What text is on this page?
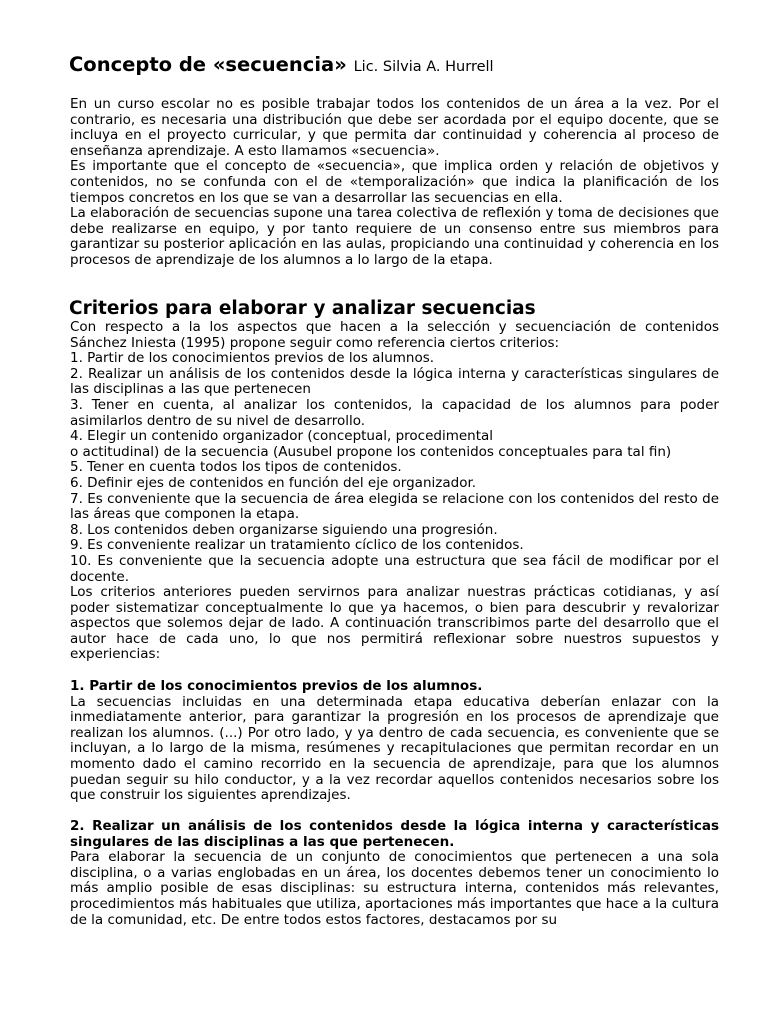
Concepto de «secuencia» Lic. Silvia A. Hurrell

En un curso escolar no es posible trabajar todos los contenidos de un área a la vez. Por el contrario, es necesaria una distribución que debe ser acordada por el equipo docente, que se incluya en el proyecto curricular, y que permita dar continuidad y coherencia al proceso de enseñanza aprendizaje. A esto llamamos «secuencia».

Es importante que el concepto de «secuencia», que implica orden y relación de objetivos y contenidos, no se confunda con el de «temporalización» que indica la planificación de los tiempos concretos en los que se van a desarrollar las secuencias en ella.

La elaboración de secuencias supone una tarea colectiva de reflexión y toma de decisiones que debe realizarse en equipo, y por tanto requiere de un consenso entre sus miembros para garantizar su posterior aplicación en las aulas, propiciando una continuidad y coherencia en los procesos de aprendizaje de los alumnos a lo largo de la etapa.

Criterios para elaborar y analizar secuencias

Con respecto a la los aspectos que hacen a la selección y secuenciación de contenidos Sánchez Iniesta (1995) propone seguir como referencia ciertos criterios:

1. Partir de los conocimientos previos de los alumnos.

2. Realizar un análisis de los contenidos desde la lógica interna y características singulares de las disciplinas a las que pertenecen

3. Tener en cuenta, al analizar los contenidos, la capacidad de los alumnos para poder asimilarlos dentro de su nivel de desarrollo.

4. Elegir un contenido organizador (conceptual, procedimental

o actitudinal) de la secuencia (Ausubel propone los contenidos conceptuales para tal fin)

5. Tener en cuenta todos los tipos de contenidos.

6. Definir ejes de contenidos en función del eje organizador.

7. Es conveniente que la secuencia de área elegida se relacione con los contenidos del resto de las áreas que componen la etapa.

8. Los contenidos deben organizarse siguiendo una progresión.

9. Es conveniente realizar un tratamiento cíclico de los contenidos.

10. Es conveniente que la secuencia adopte una estructura que sea fácil de modificar por el docente.

Los criterios anteriores pueden servirnos para analizar nuestras prácticas cotidianas, y así poder sistematizar conceptualmente lo que ya hacemos, o bien para descubrir y revalorizar aspectos que solemos dejar de lado. A continuación transcribimos parte del desarrollo que el autor hace de cada uno, lo que nos permitirá reflexionar sobre nuestros supuestos y experiencias:

1. Partir de los conocimientos previos de los alumnos.

La secuencias incluidas en una determinada etapa educativa deberían enlazar con la inmediatamente anterior, para garantizar la progresión en los procesos de aprendizaje que realizan los alumnos. (...) Por otro lado, y ya dentro de cada secuencia, es conveniente que se incluyan, a lo largo de la misma, resúmenes y recapitulaciones que permitan recordar en un momento dado el camino recorrido en la secuencia de aprendizaje, para que los alumnos puedan seguir su hilo conductor, y a la vez recordar aquellos contenidos necesarios sobre los que construir los siguientes aprendizajes.

2. Realizar un análisis de los contenidos desde la lógica interna y características singulares de las disciplinas a las que pertenecen.

Para elaborar la secuencia de un conjunto de conocimientos que pertenecen a una sola disciplina, o a varias englobadas en un área, los docentes debemos tener un conocimiento lo más amplio posible de esas disciplinas: su estructura interna, contenidos más relevantes, procedimientos más habituales que utiliza, aportaciones más importantes que hace a la cultura de la comunidad, etc. De entre todos estos factores, destacamos por su
